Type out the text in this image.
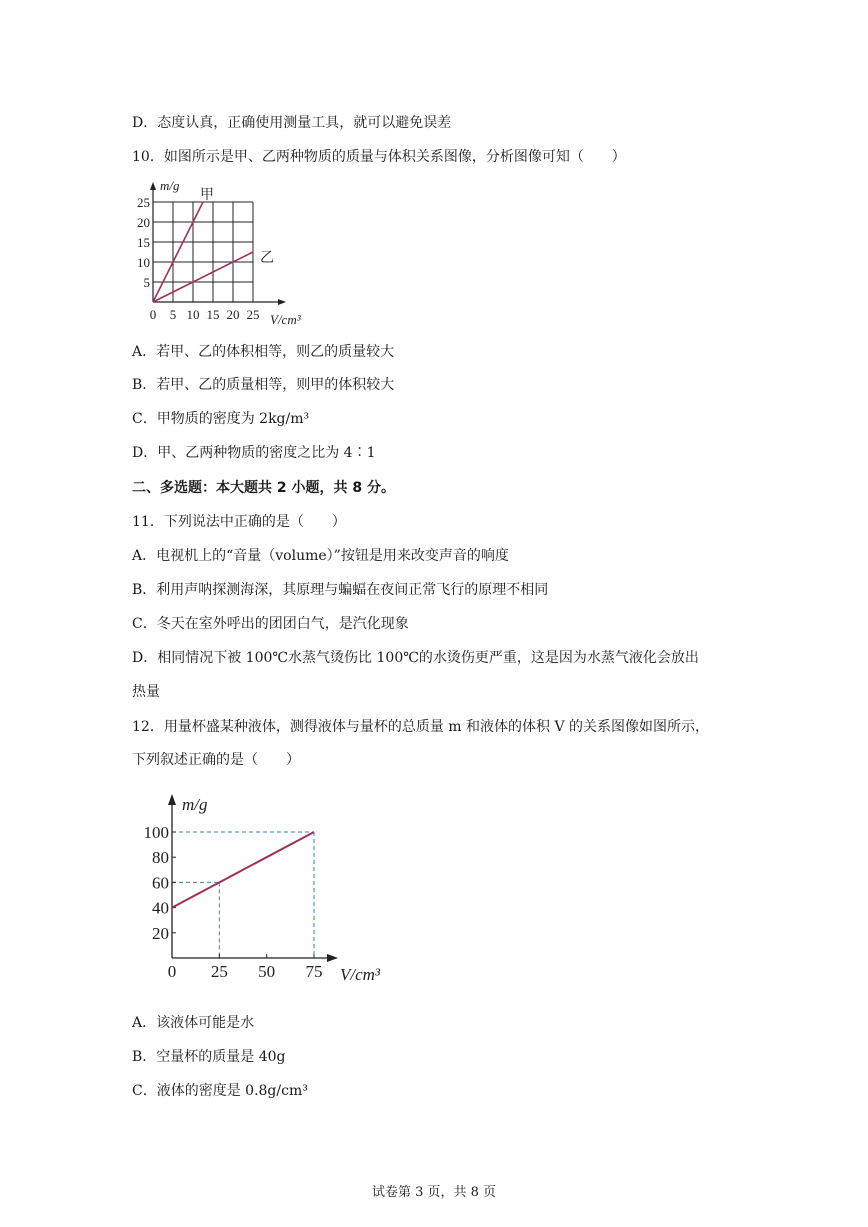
D．态度认真，正确使用测量工具，就可以避免误差
10．如图所示是甲、乙两种物质的质量与体积关系图像，分析图像可知（　　）
0 5 10 15 20 25
5
10
15
20
25
m/g
V/cm³
甲
乙
A．若甲、乙的体积相等，则乙的质量较大
B．若甲、乙的质量相等，则甲的体积较大
C．甲物质的密度为 2kg/m³
D．甲、乙两种物质的密度之比为 4∶1
二、多选题：本大题共 2 小题，共 8 分。
11．下列说法中正确的是（　　）
A．电视机上的“音量（volume）”按钮是用来改变声音的响度
B．利用声呐探测海深，其原理与蝙蝠在夜间正常飞行的原理不相同
C．冬天在室外呼出的团团白气，是汽化现象
D．相同情况下被 100℃水蒸气烫伤比 100℃的水烫伤更严重，这是因为水蒸气液化会放出
热量
12．用量杯盛某种液体，测得液体与量杯的总质量 m 和液体的体积 V 的关系图像如图所示，
下列叙述正确的是（　　）
20
40
60
80
100
0 25 50 75
m/g
V/cm³
A．该液体可能是水
B．空量杯的质量是 40g
C．液体的密度是 0.8g/cm³
试卷第 3 页，共 8 页
